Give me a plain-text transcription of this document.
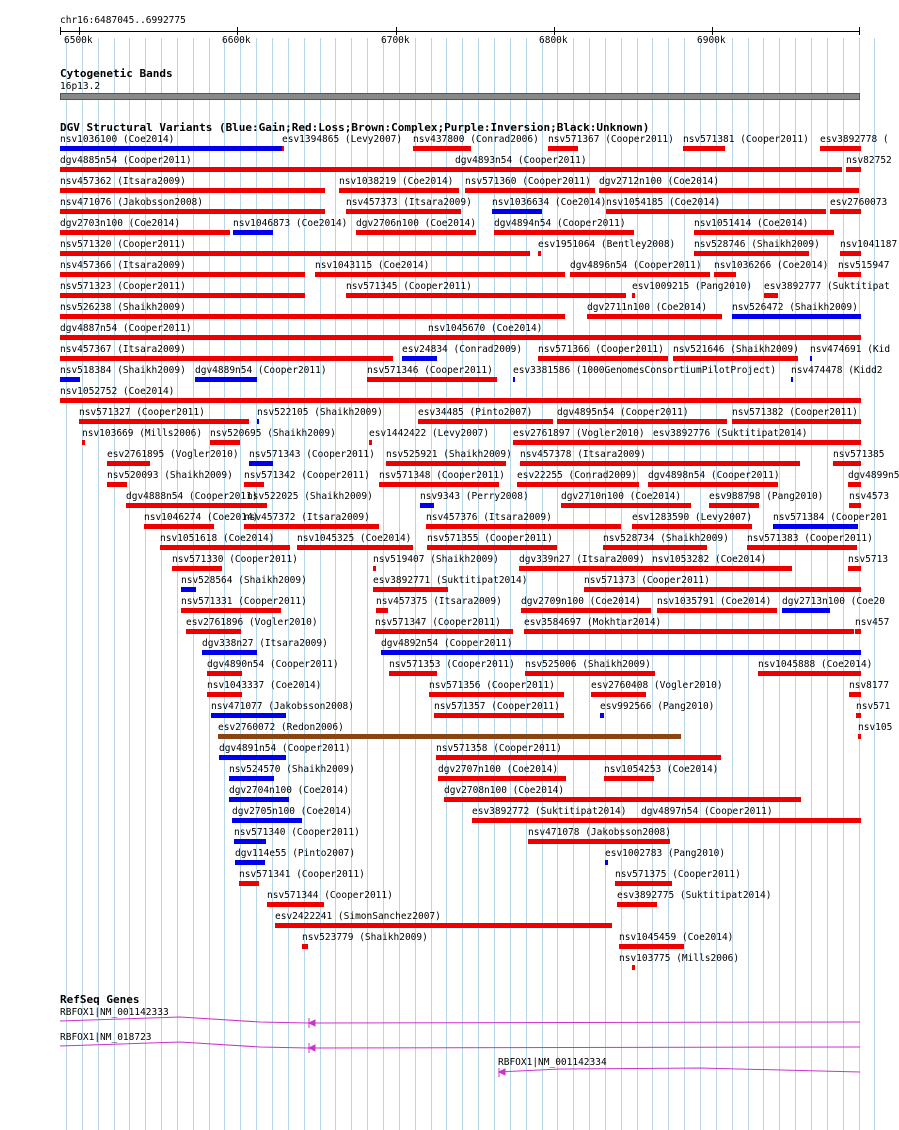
chr16:6487045..6992775
6500k	6600k	6700k	6800k	6900k
Cytogenetic Bands
16p13.2
DGV Structural Variants (Blue:Gain;Red:Loss;Brown:Complex;Purple:Inversion;Black:Unknown)
nsv1036100 (Coe2014)	esv1394865 (Levy2007) nsv437800 (Conrad2006) nsv571367 (Cooper2011) nsv571381 (Cooper2011) esv3892778 (
dgv4885n54 (Cooper2011)	dgv4893n54 (Cooper2011)	nsv82752
nsv457362 (Itsara2009)	nsv1038219 (Coe2014) nsv571360 (Cooper2011) dgv2712n100 (Coe2014)
nsv471076 (Jakobsson2008)	nsv457373 (Itsara2009) nsv1036634 (Coe2014) nsv1054185 (Coe2014)	esv2760073
dgv2703n100 (Coe2014)	nsv1046873 (Coe2014) dgv2706n100 (Coe2014) dgv4894n54 (Cooper2011)	nsv1051414 (Coe2014)
nsv571320 (Cooper2011)	esv1951064 (Bentley2008) nsv528746 (Shaikh2009) nsv1041187
nsv457366 (Itsara2009)	nsv1043115 (Coe2014)	dgv4896n54 (Cooper2011) nsv1036266 (Coe2014) nsv515947
nsv571323 (Cooper2011)	nsv571345 (Cooper2011)	esv1009215 (Pang2010) esv3892777 (Suktitipat
nsv526238 (Shaikh2009)	dgv2711n100 (Coe2014)	nsv526472 (Shaikh2009)
dgv4887n54 (Cooper2011)	nsv1045670 (Coe2014)
nsv457367 (Itsara2009)	esv24834 (Conrad2009) nsv571366 (Cooper2011) nsv521646 (Shaikh2009) nsv474691 (Kid
nsv518384 (Shaikh2009) dgv4889n54 (Cooper2011)	nsv571346 (Cooper2011) esv3381586 (1000GenomesConsortiumPilotProject) nsv474478 (Kidd2
nsv1052752 (Coe2014)
nsv571327 (Cooper2011)	nsv522105 (Shaikh2009)	esv34485 (Pinto2007)	dgv4895n54 (Cooper2011)	nsv571382 (Cooper2011)
nsv103669 (Mills2006) nsv520695 (Shaikh2009)	esv1442422 (Levy2007)	esv2761897 (Vogler2010) esv3892776 (Suktitipat2014)
esv2761895 (Vogler2010) nsv571343 (Cooper2011) nsv525921 (Shaikh2009) nsv457378 (Itsara2009)	nsv571385
nsv520093 (Shaikh2009) nsv571342 (Cooper2011) nsv571348 (Cooper2011) esv22255 (Conrad2009) dgv4898n54 (Cooper2011)	dgv4899n5
dgv4888n54 (Cooper2011)
nsv522025 (Shaikh2009)	nsv9343 (Perry2008)	dgv2710n100 (Coe2014)	esv988798 (Pang2010)	nsv4573
nsv1046274 (Coe2014)
nsv457372 (Itsara2009)	nsv457376 (Itsara2009)	esv1283590 (Levy2007) nsv571384 (Cooper201
nsv1051618 (Coe2014) nsv1045325 (Coe2014) nsv571355 (Cooper2011)	nsv528734 (Shaikh2009) nsv571383 (Cooper2011)
nsv571330 (Cooper2011)	nsv519407 (Shaikh2009) dgv339n27 (Itsara2009) nsv1053282 (Coe2014)	nsv5713
nsv528564 (Shaikh2009)	esv3892771 (Suktitipat2014)	nsv571373 (Cooper2011)
nsv571331 (Cooper2011)	nsv457375 (Itsara2009) dgv2709n100 (Coe2014) nsv1035791 (Coe2014) dgv2713n100 (Coe20
esv2761896 (Vogler2010)	nsv571347 (Cooper2011) esv3584697 (Mokhtar2014)	nsv457
dgv338n27 (Itsara2009)	dgv4892n54 (Cooper2011)
dgv4890n54 (Cooper2011)	nsv571353 (Cooper2011) nsv525006 (Shaikh2009)	nsv1045888 (Coe2014)
nsv1043337 (Coe2014)	nsv571356 (Cooper2011)	esv2760408 (Vogler2010)	nsv8177
nsv471077 (Jakobsson2008)	nsv571357 (Cooper2011)	esv992566 (Pang2010)	nsv571
esv2760072 (Redon2006)	nsv105
dgv4891n54 (Cooper2011)	nsv571358 (Cooper2011)
nsv524570 (Shaikh2009)	dgv2707n100 (Coe2014)	nsv1054253 (Coe2014)
dgv2704n100 (Coe2014)	dgv2708n100 (Coe2014)
dgv2705n100 (Coe2014)	esv3892772 (Suktitipat2014) dgv4897n54 (Cooper2011)
nsv571340 (Cooper2011)	nsv471078 (Jakobsson2008)
dgv114e55 (Pinto2007)	esv1002783 (Pang2010)
nsv571341 (Cooper2011)	nsv571375 (Cooper2011)
nsv571344 (Cooper2011)	esv3892775 (Suktitipat2014)
esv2422241 (SimonSanchez2007)
nsv523779 (Shaikh2009)	nsv1045459 (Coe2014)
nsv103775 (Mills2006)
RefSeq Genes
RBFOX1|NM_001142333
RBFOX1|NM_018723
RBFOX1|NM_001142334
